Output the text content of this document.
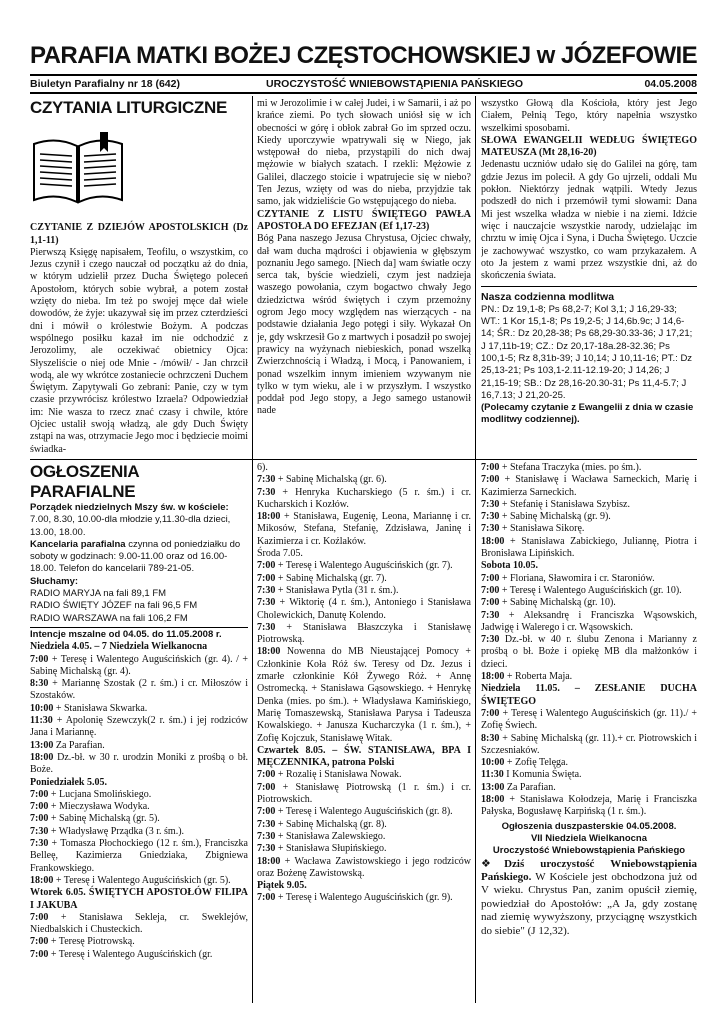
PARAFIA MATKI BOŻEJ CZĘSTOCHOWSKIEJ w JÓZEFOWIE
Biuletyn Parafialny nr 18 (642)	UROCZYSTOŚĆ WNIEBOWSTĄPIENIA PAŃSKIEGO	04.05.2008
CZYTANIA LITURGICZNE
CZYTANIE Z DZIEJÓW APOSTOLSKICH (Dz 1,1-11)
Pierwszą Księgę napisałem, Teofilu, o wszystkim, co Jezus czynił i czego nauczał od początku aż do dnia, w którym udzielił przez Ducha Świętego poleceń Apostołom, których sobie wybrał, a potem został wzięty do nieba. Im też po swojej męce dał wiele dowodów, że żyje: ukazywał się im przez czterdzieści dni i mówił o królestwie Bożym. A podczas wspólnego posiłku kazał im nie odchodzić z Jerozolimy, ale oczekiwać obietnicy Ojca: Słyszeliście o niej ode Mnie - /mówił/ - Jan chrzcił wodą, ale wy wkrótce zostaniecie ochrzczeni Duchem Świętym. Zapytywali Go zebrani: Panie, czy w tym czasie przywrócisz królestwo Izraela? Odpowiedział im: Nie wasza to rzecz znać czasy i chwile, które Ojciec ustalił swoją władzą, ale gdy Duch Święty zstąpi na was, otrzymacie Jego moc i będziecie moimi świadka-
mi w Jerozolimie i w całej Judei, i w Samarii, i aż po krańce ziemi. Po tych słowach uniósł się w ich obecności w górę i obłok zabrał Go im sprzed oczu. Kiedy uporczywie wpatrywali się w Niego, jak wstępował do nieba, przystąpili do nich dwaj mężowie w białych szatach. I rzekli: Mężowie z Galilei, dlaczego stoicie i wpatrujecie się w niebo? Ten Jezus, wzięty od was do nieba, przyjdzie tak samo, jak widzieliście Go wstępującego do nieba.
CZYTANIE Z LISTU ŚWIĘTEGO PAWŁA APOSTOŁA DO EFEZJAN (Ef 1,17-23)
Bóg Pana naszego Jezusa Chrystusa, Ojciec chwały, dał wam ducha mądrości i objawienia w głębszym poznaniu Jego samego. [Niech da] wam światłe oczy serca tak, byście wiedzieli, czym jest nadzieja waszego powołania, czym bogactwo chwały Jego dziedzictwa wśród świętych i czym przemożny ogrom Jego mocy względem nas wierzących - na podstawie działania Jego potęgi i siły. Wykazał On je, gdy wskrzesił Go z martwych i posadził po swojej prawicy na wyżynach niebieskich, ponad wszelką Zwierzchnością i Władzą, i Mocą, i Panowaniem, i ponad wszelkim innym imieniem wzywanym nie tylko w tym wieku, ale i w przyszłym. I wszystko poddał pod Jego stopy, a Jego samego ustanowił nade
wszystko Głową dla Kościoła, który jest Jego Ciałem, Pełnią Tego, który napełnia wszystko wszelkimi sposobami.
SŁOWA EWANGELII WEDŁUG ŚWIĘTEGO MATEUSZA (Mt 28,16-20)
Jedenastu uczniów udało się do Galilei na górę, tam gdzie Jezus im polecił. A gdy Go ujrzeli, oddali Mu pokłon. Niektórzy jednak wątpili. Wtedy Jezus podszedł do nich i przemówił tymi słowami: Dana Mi jest wszelka władza w niebie i na ziemi. Idźcie więc i nauczajcie wszystkie narody, udzielając im chrztu w imię Ojca i Syna, i Ducha Świętego. Uczcie je zachowywać wszystko, co wam przykazałem. A oto Ja jestem z wami przez wszystkie dni, aż do skończenia świata.
Nasza codzienna modlitwa
PN.: Dz 19,1-8; Ps 68,2-7; Kol 3,1; J 16,29-33; WT.: 1 Kor 15,1-8; Ps 19,2-5; J 14,6b.9c; J 14,6-14; ŚR.: Dz 20,28-38; Ps 68,29-30.33-36; J 17,21; J 17,11b-19; CZ.: Dz 20,17-18a.28-32.36; Ps 100,1-5; Rz 8,31b-39; J 10,14; J 10,11-16; PT.: Dz 25,13-21; Ps 103,1-2.11-12.19-20; J 14,26; J 21,15-19; SB.: Dz 28,16-20.30-31; Ps 11,4-5.7; J 16,7.13; J 21,20-25.
(Polecamy czytanie z Ewangelii z dnia w czasie modlitwy codziennej).
OGŁOSZENIA PARAFIALNE
Porządek niedzielnych Mszy św. w kościele:
7.00, 8.30, 10.00-dla młodzie y,11.30-dla dzieci, 13.00, 18.00.
Kancelaria parafialna czynna od poniedziałku do soboty w godzinach: 9.00-11.00 oraz od 16.00-18.00. Telefon do kancelarii 789-21-05.
Słuchamy:
RADIO MARYJA na fali 89,1 FM
RADIO ŚWIĘTY JÓZEF na fali 96,5 FM
RADIO WARSZAWA na fali 106,2 FM
Intencje mszalne od 04.05. do 11.05.2008 r.
Niedziela 4.05. – 7 Niedziela Wielkanocna
7:00 + Teresę i Walentego Auguścińskich (gr. 4). / + Sabinę Michalską (gr. 4).
8:30 + Mariannę Szostak (2 r. śm.) i cr. Miłoszów i Szostaków.
10:00 + Stanisława Skwarka.
11:30 + Apolonię Szewczyk(2 r. śm.) i jej rodziców Jana i Mariannę.
13:00 Za Parafian.
18:00 Dz.-bł. w 30 r. urodzin Moniki z prośbą o bł. Boże.
Poniedziałek 5.05.
7:00 + Lucjana Smolińskiego.
7:00 + Mieczysława Wodyka.
7:00 + Sabinę Michalską (gr. 5).
7:30 + Władysławę Prządka (3 r. śm.).
7:30 + Tomasza Płochockiego (12 r. śm.), Franciszka Belleę, Kazimierza Gniedziaka, Zbigniewa Frankowskiego.
18:00 + Teresę i Walentego Auguścińskich (gr. 5).
Wtorek 6.05. ŚWIĘTYCH APOSTOŁÓW FILIPA I JAKUBA
7:00 + Stanisława Sekleja, cr. Sweklejów, Niedbalskich i Chusteckich.
7:00 + Teresę Piotrowską.
7:00 + Teresę i Walentego Auguścińskich (gr.
6).
7:30 + Sabinę Michalską (gr. 6).
7:30 + Henryka Kucharskiego (5 r. śm.) i cr. Kucharskich i Kozłów.
18:00 + Stanisława, Eugenię, Leona, Mariannę i cr. Mikosów, Stefana, Stefanię, Zdzisława, Janinę i Kazimierza i cr. Koźlaków.
Środa 7.05.
7:00 + Teresę i Walentego Auguścińskich (gr. 7).
7:00 + Sabinę Michalską (gr. 7).
7:30 + Stanisława Pytla (31 r. śm.).
7:30 + Wiktorię (4 r. śm.), Antoniego i Stanisława Cholewickich, Danutę Kolendo.
7:30 + Stanisława Błaszczyka i Stanisławę Piotrowską.
18:00 Nowenna do MB Nieustającej Pomocy + Członkinie Koła Róż św. Teresy od Dz. Jezus i zmarłe członkinie Kół Żywego Róż. + Annę Ostromecką. + Stanisława Gąsowskiego. + Henrykę Denka (mies. po śm.). + Władysława Kamińskiego, Marię Tomaszewską, Stanisława Parysa i Tadeusza Kowalskiego. + Janusza Kucharczyka (1 r. śm.), + Zofię Kojczuk, Stanisławę Witak.
Czwartek 8.05. – ŚW. STANISŁAWA, BPA I MĘCZENNIKA, patrona Polski
7:00 + Rozalię i Stanisława Nowak.
7:00 + Stanisławę Piotrowską (1 r. śm.) i cr. Piotrowskich.
7:00 + Teresę i Walentego Auguścińskich (gr. 8).
7:30 + Sabinę Michalską (gr. 8).
7:30 + Stanisława Zalewskiego.
7:30 + Stanisława Słupińskiego.
18:00 + Wacława Zawistowskiego i jego rodziców oraz Bożenę Zawistowską.
Piątek 9.05.
7:00 + Teresę i Walentego Auguścińskich (gr. 9).
7:00 + Stefana Traczyka (mies. po śm.).
7:00 + Stanisławę i Wacława Sarneckich, Marię i Kazimierza Sarneckich.
7:30 + Stefanię i Stanisława Szybisz.
7:30 + Sabinę Michalską (gr. 9).
7:30 + Stanisława Sikorę.
18:00 + Stanisława Zabickiego, Juliannę, Piotra i Bronisława Lipińskich.
Sobota 10.05.
7:00 + Floriana, Sławomira i cr. Staroniów.
7:00 + Teresę i Walentego Auguścińskich (gr. 10).
7:00 + Sabinę Michalską (gr. 10).
7:30 + Aleksandrę i Franciszka Wąsowskich, Jadwigę i Walerego i cr. Wąsowskich.
7:30 Dz.-bł. w 40 r. ślubu Zenona i Marianny z prośbą o bł. Boże i opiekę MB dla małżonków i dzieci.
18:00 + Roberta Maja.
Niedziela 11.05. – ZESŁANIE DUCHA ŚWIĘTEGO
7:00 + Teresę i Walentego Auguścińskich (gr. 11)./ + Zofię Świech.
8:30 + Sabinę Michalską (gr. 11).+ cr. Piotrowskich i Szczesniaków.
10:00 + Zofię Telęga.
11:30 I Komunia Święta.
13:00 Za Parafian.
18:00 + Stanisława Kołodzeja, Marię i Franciszka Pałyska, Bogusławę Karpińską (1 r. śm.).
Ogłoszenia duszpasterskie 04.05.2008.
VII Niedziela Wielkanocna
Uroczystość Wniebowstąpienia Pańskiego
❖Dziś uroczystość Wniebowstąpienia Pańskiego. W Kościele jest obchodzona już od V wieku. Chrystus Pan, zanim opuścił ziemię, powiedział do Apostołów: „A Ja, gdy zostanę nad ziemię wywyższony, przyciągnę wszystkich do siebie" (J 12,32).
